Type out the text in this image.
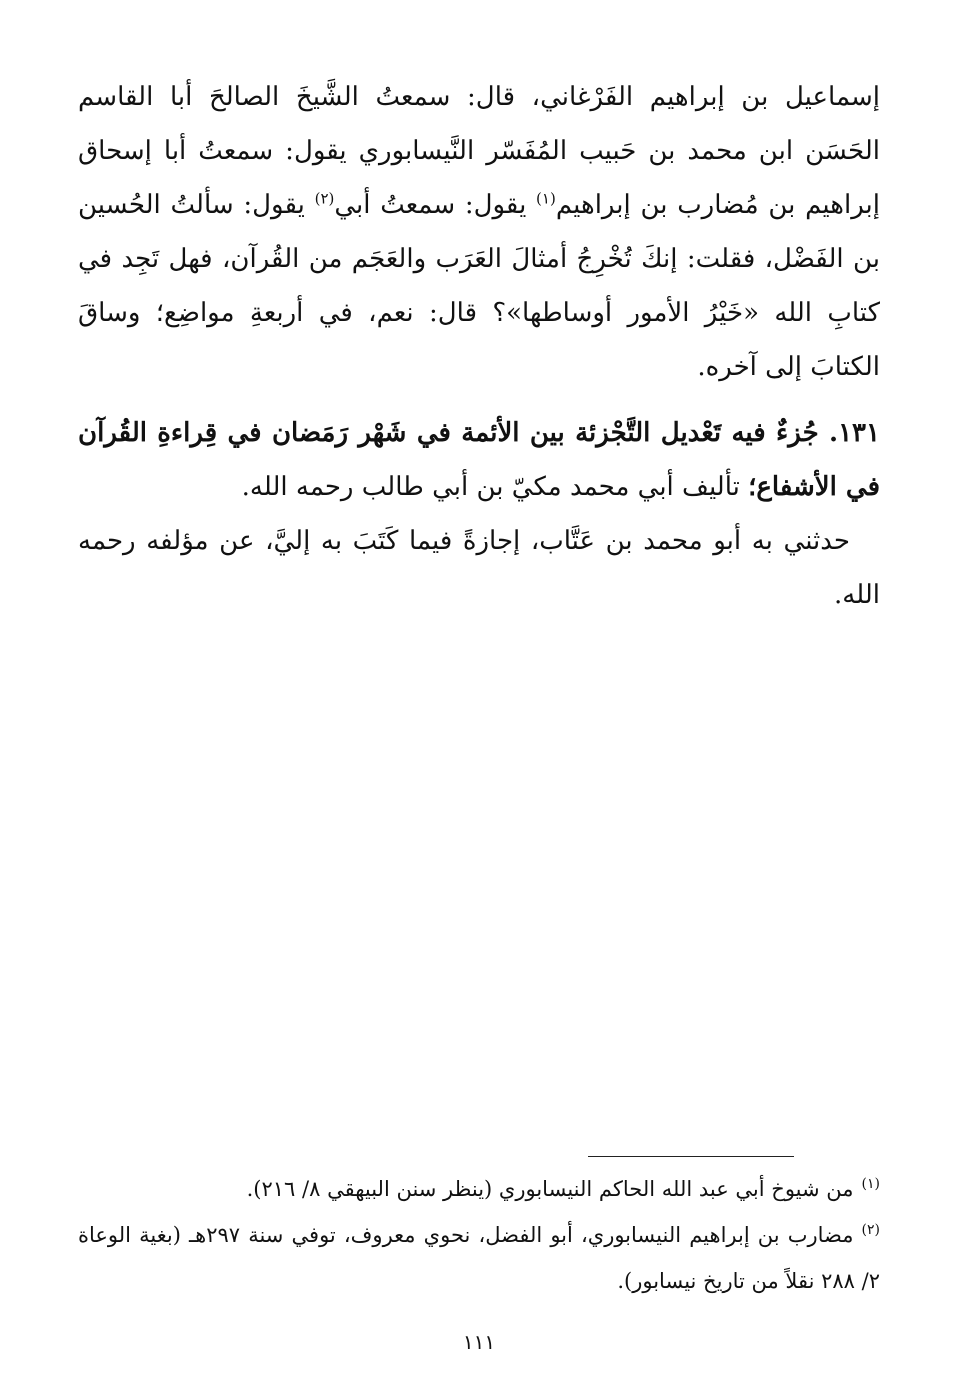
إسماعيل بن إبراهيم الفَرْغاني، قال: سمعتُ الشَّيخَ الصالحَ أبا القاسم الحَسَن ابن محمد بن حَبيب المُفَسّر النَّيسابوري يقول: سمعتُ أبا إسحاق إبراهيم بن مُضارب بن إبراهيم$^{(١)}$ يقول: سمعتُ أبي$^{(٢)}$ يقول: سألتُ الحُسين بن الفَضْل، فقلت: إنكَ تُخْرِجُ أمثالَ العَرَب والعَجَم من القُرآن، فهل تَجِد في كتابِ الله «خَيْرُ الأمور أوساطها»؟ قال: نعم، في أربعةِ مواضِع؛ وساقَ الكتابَ إلى آخره.

١٣١. جُزءٌ فيه تَعْديل التَّجْزئة بين الأئمة في شَهْر رَمَضان في قِراءةِ القُرآن في الأشفاع؛ تأليف أبي محمد مكيّ بن أبي طالب رحمه الله.

حدثني به أبو محمد بن عَتَّاب، إجازةً فيما كَتَبَ به إليَّ، عن مؤلفه رحمه الله.

$^{(١)}$من شيوخ أبي عبد الله الحاكم النيسابوري (ينظر سنن البيهقي ٨/ ٢١٦).

$^{(٢)}$مضارب بن إبراهيم النيسابوري، أبو الفضل، نحوي معروف، توفي سنة ٢٩٧هـ (بغية الوعاة ٢/ ٢٨٨ نقلاً من تاريخ نيسابور).

١١١
